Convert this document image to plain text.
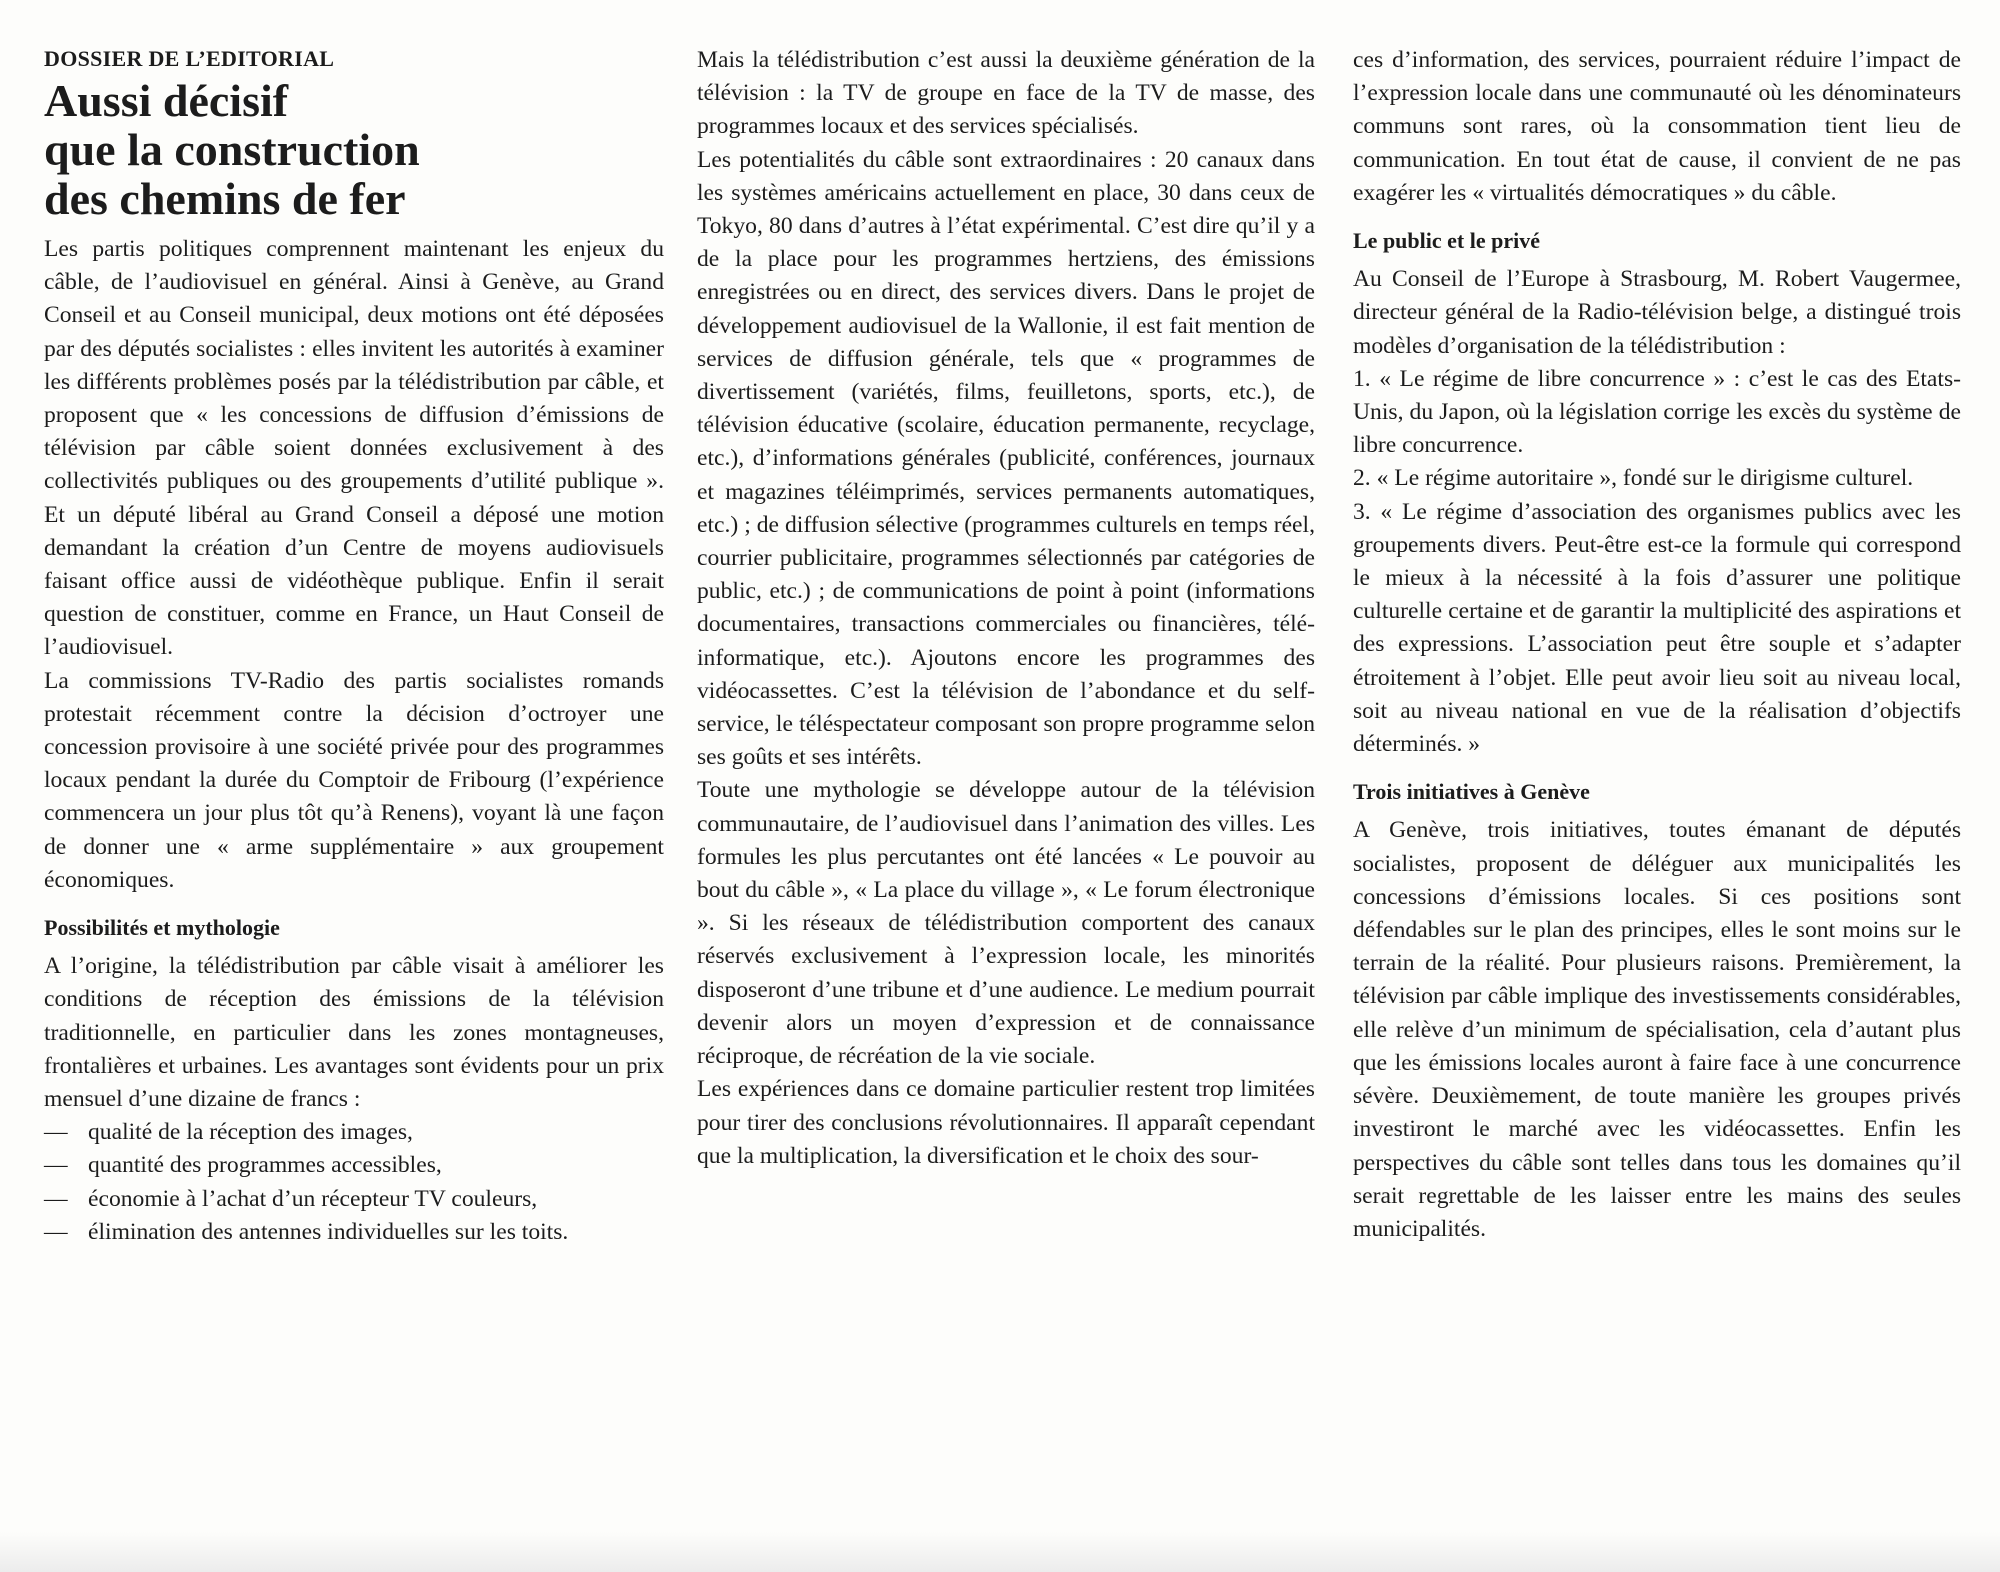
DOSSIER DE L’EDITORIAL
Aussi décisif
que la construction
des chemins de fer

Les partis politiques comprennent maintenant les enjeux du câble, de l’audiovisuel en général. Ainsi à Genève, au Grand Conseil et au Conseil municipal, deux motions ont été déposées par des députés socialistes : elles invitent les autorités à examiner les différents problèmes posés par la télédistribution par câble, et proposent que « les concessions de diffusion d’émissions de télévision par câble soient données exclusivement à des collectivités publiques ou des groupements d’utilité publique ». Et un député libéral au Grand Conseil a déposé une motion demandant la création d’un Centre de moyens audiovisuels faisant office aussi de vidéothèque publique. Enfin il serait question de constituer, comme en France, un Haut Conseil de l’audiovisuel.

La commissions TV-Radio des partis socialistes romands protestait récemment contre la décision d’octroyer une concession provisoire à une société privée pour des programmes locaux pendant la durée du Comptoir de Fribourg (l’expérience commencera un jour plus tôt qu’à Renens), voyant là une façon de donner une « arme supplémentaire » aux groupement économiques.

Possibilités et mythologie

A l’origine, la télédistribution par câble visait à améliorer les conditions de réception des émissions de la télévision traditionnelle, en particulier dans les zones montagneuses, frontalières et urbaines. Les avantages sont évidents pour un prix mensuel d’une dizaine de francs :

— qualité de la réception des images,
— quantité des programmes accessibles,
— économie à l’achat d’un récepteur TV couleurs,
— élimination des antennes individuelles sur les toits.

Mais la télédistribution c’est aussi la deuxième génération de la télévision : la TV de groupe en face de la TV de masse, des programmes locaux et des services spécialisés.

Les potentialités du câble sont extraordinaires : 20 canaux dans les systèmes américains actuellement en place, 30 dans ceux de Tokyo, 80 dans d’autres à l’état expérimental. C’est dire qu’il y a de la place pour les programmes hertziens, des émissions enregistrées ou en direct, des services divers. Dans le projet de développement audiovisuel de la Wallonie, il est fait mention de services de diffusion générale, tels que « programmes de divertissement (variétés, films, feuilletons, sports, etc.), de télévision éducative (scolaire, éducation permanente, recyclage, etc.), d’informations générales (publicité, conférences, journaux et magazines téléimprimés, services permanents automatiques, etc.) ; de diffusion sélective (programmes culturels en temps réel, courrier publicitaire, programmes sélectionnés par catégories de public, etc.) ; de communications de point à point (informations documentaires, transactions commerciales ou financières, télé-informatique, etc.). Ajoutons encore les programmes des vidéocassettes. C’est la télévision de l’abondance et du self-service, le téléspectateur composant son propre programme selon ses goûts et ses intérêts.

Toute une mythologie se développe autour de la télévision communautaire, de l’audiovisuel dans l’animation des villes. Les formules les plus percutantes ont été lancées « Le pouvoir au bout du câble », « La place du village », « Le forum électronique ». Si les réseaux de télédistribution comportent des canaux réservés exclusivement à l’expression locale, les minorités disposeront d’une tribune et d’une audience. Le medium pourrait devenir alors un moyen d’expression et de connaissance réciproque, de récréation de la vie sociale.

Les expériences dans ce domaine particulier restent trop limitées pour tirer des conclusions révolutionnaires. Il apparaît cependant que la multiplication, la diversification et le choix des sour-

ces d’information, des services, pourraient réduire l’impact de l’expression locale dans une communauté où les dénominateurs communs sont rares, où la consommation tient lieu de communication. En tout état de cause, il convient de ne pas exagérer les « virtualités démocratiques » du câble.

Le public et le privé

Au Conseil de l’Europe à Strasbourg, M. Robert Vaugermee, directeur général de la Radio-télévision belge, a distingué trois modèles d’organisation de la télédistribution :

1. « Le régime de libre concurrence » : c’est le cas des Etats-Unis, du Japon, où la législation corrige les excès du système de libre concurrence.

2. « Le régime autoritaire », fondé sur le dirigisme culturel.

3. « Le régime d’association des organismes publics avec les groupements divers. Peut-être est-ce la formule qui correspond le mieux à la nécessité à la fois d’assurer une politique culturelle certaine et de garantir la multiplicité des aspirations et des expressions. L’association peut être souple et s’adapter étroitement à l’objet. Elle peut avoir lieu soit au niveau local, soit au niveau national en vue de la réalisation d’objectifs déterminés. »

Trois initiatives à Genève

A Genève, trois initiatives, toutes émanant de députés socialistes, proposent de déléguer aux municipalités les concessions d’émissions locales. Si ces positions sont défendables sur le plan des principes, elles le sont moins sur le terrain de la réalité. Pour plusieurs raisons. Premièrement, la télévision par câble implique des investissements considérables, elle relève d’un minimum de spécialisation, cela d’autant plus que les émissions locales auront à faire face à une concurrence sévère. Deuxièmement, de toute manière les groupes privés investiront le marché avec les vidéocassettes. Enfin les perspectives du câble sont telles dans tous les domaines qu’il serait regrettable de les laisser entre les mains des seules municipalités.
